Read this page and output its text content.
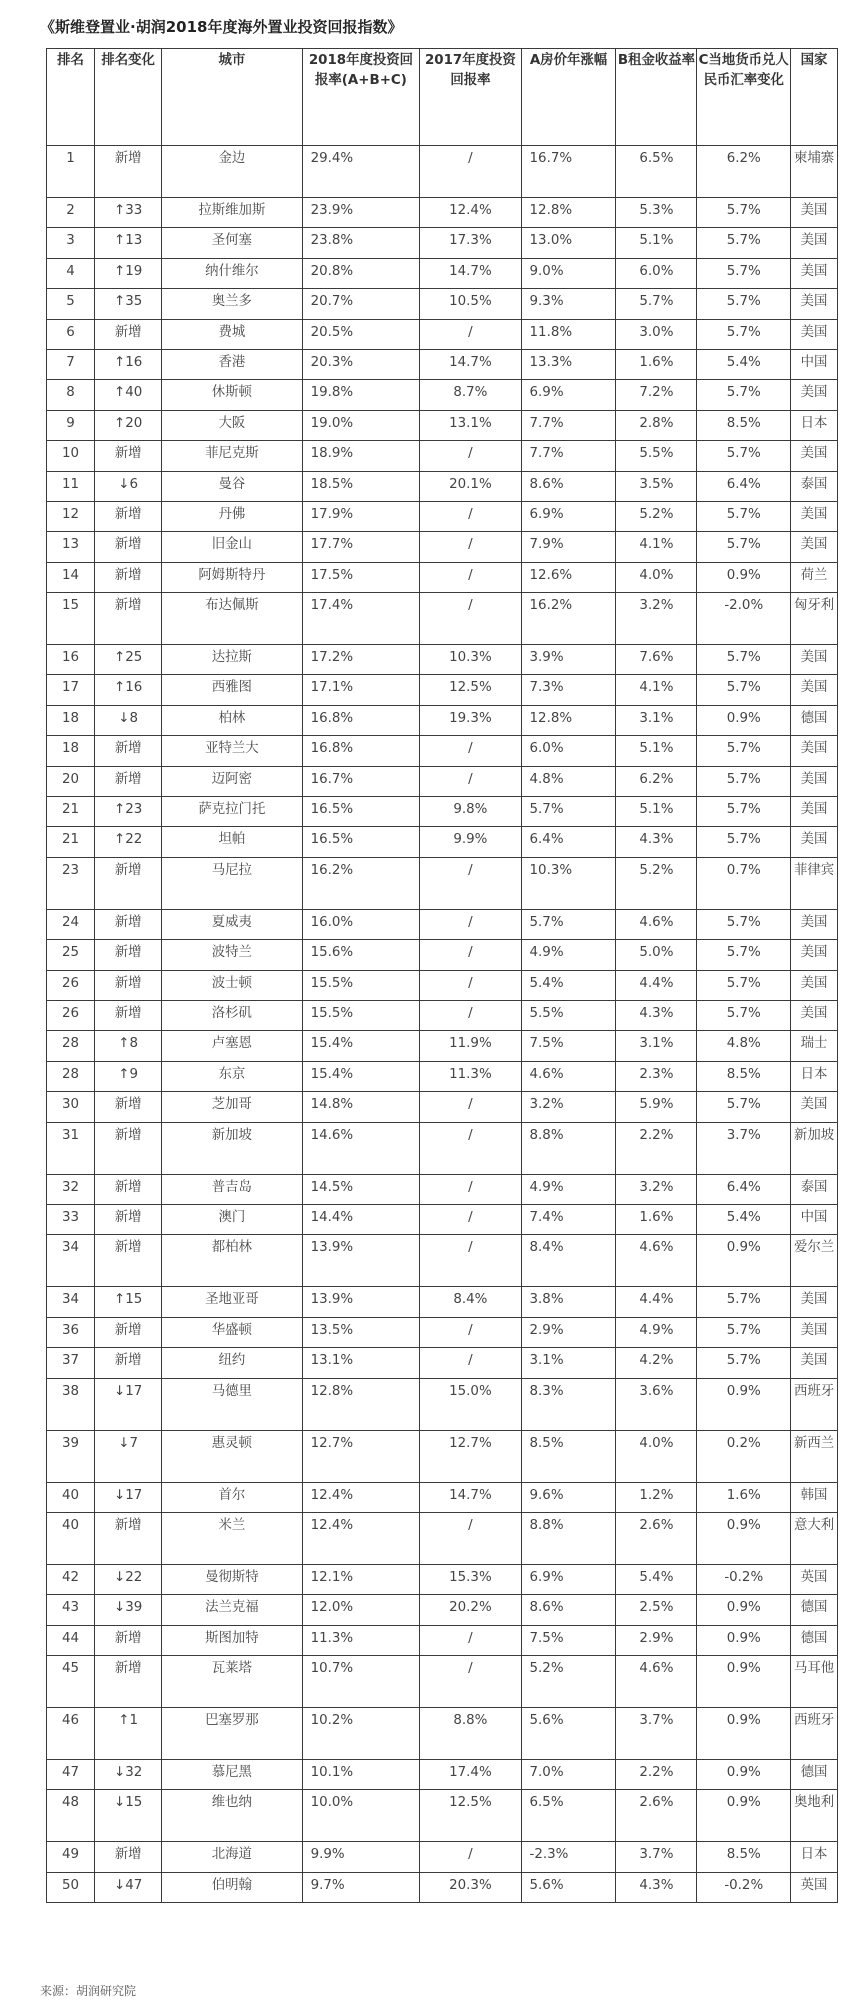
《斯维登置业·胡润2018年度海外置业投资回报指数》
排名	排名变化	城市	2018年度投资回报率(A+B+C)	2017年度投资回报率	A房价年涨幅	B租金收益率	C当地货币兑人民币汇率变化	国家
1	新增	金边	29.4%	/	16.7%	6.5%	6.2%	柬埔寨
2	↑33	拉斯维加斯	23.9%	12.4%	12.8%	5.3%	5.7%	美国
3	↑13	圣何塞	23.8%	17.3%	13.0%	5.1%	5.7%	美国
4	↑19	纳什维尔	20.8%	14.7%	9.0%	6.0%	5.7%	美国
5	↑35	奥兰多	20.7%	10.5%	9.3%	5.7%	5.7%	美国
6	新增	费城	20.5%	/	11.8%	3.0%	5.7%	美国
7	↑16	香港	20.3%	14.7%	13.3%	1.6%	5.4%	中国
8	↑40	休斯顿	19.8%	8.7%	6.9%	7.2%	5.7%	美国
9	↑20	大阪	19.0%	13.1%	7.7%	2.8%	8.5%	日本
10	新增	菲尼克斯	18.9%	/	7.7%	5.5%	5.7%	美国
11	↓6	曼谷	18.5%	20.1%	8.6%	3.5%	6.4%	泰国
12	新增	丹佛	17.9%	/	6.9%	5.2%	5.7%	美国
13	新增	旧金山	17.7%	/	7.9%	4.1%	5.7%	美国
14	新增	阿姆斯特丹	17.5%	/	12.6%	4.0%	0.9%	荷兰
15	新增	布达佩斯	17.4%	/	16.2%	3.2%	-2.0%	匈牙利
16	↑25	达拉斯	17.2%	10.3%	3.9%	7.6%	5.7%	美国
17	↑16	西雅图	17.1%	12.5%	7.3%	4.1%	5.7%	美国
18	↓8	柏林	16.8%	19.3%	12.8%	3.1%	0.9%	德国
18	新增	亚特兰大	16.8%	/	6.0%	5.1%	5.7%	美国
20	新增	迈阿密	16.7%	/	4.8%	6.2%	5.7%	美国
21	↑23	萨克拉门托	16.5%	9.8%	5.7%	5.1%	5.7%	美国
21	↑22	坦帕	16.5%	9.9%	6.4%	4.3%	5.7%	美国
23	新增	马尼拉	16.2%	/	10.3%	5.2%	0.7%	菲律宾
24	新增	夏威夷	16.0%	/	5.7%	4.6%	5.7%	美国
25	新增	波特兰	15.6%	/	4.9%	5.0%	5.7%	美国
26	新增	波士顿	15.5%	/	5.4%	4.4%	5.7%	美国
26	新增	洛杉矶	15.5%	/	5.5%	4.3%	5.7%	美国
28	↑8	卢塞恩	15.4%	11.9%	7.5%	3.1%	4.8%	瑞士
28	↑9	东京	15.4%	11.3%	4.6%	2.3%	8.5%	日本
30	新增	芝加哥	14.8%	/	3.2%	5.9%	5.7%	美国
31	新增	新加坡	14.6%	/	8.8%	2.2%	3.7%	新加坡
32	新增	普吉岛	14.5%	/	4.9%	3.2%	6.4%	泰国
33	新增	澳门	14.4%	/	7.4%	1.6%	5.4%	中国
34	新增	都柏林	13.9%	/	8.4%	4.6%	0.9%	爱尔兰
34	↑15	圣地亚哥	13.9%	8.4%	3.8%	4.4%	5.7%	美国
36	新增	华盛顿	13.5%	/	2.9%	4.9%	5.7%	美国
37	新增	纽约	13.1%	/	3.1%	4.2%	5.7%	美国
38	↓17	马德里	12.8%	15.0%	8.3%	3.6%	0.9%	西班牙
39	↓7	惠灵顿	12.7%	12.7%	8.5%	4.0%	0.2%	新西兰
40	↓17	首尔	12.4%	14.7%	9.6%	1.2%	1.6%	韩国
40	新增	米兰	12.4%	/	8.8%	2.6%	0.9%	意大利
42	↓22	曼彻斯特	12.1%	15.3%	6.9%	5.4%	-0.2%	英国
43	↓39	法兰克福	12.0%	20.2%	8.6%	2.5%	0.9%	德国
44	新增	斯图加特	11.3%	/	7.5%	2.9%	0.9%	德国
45	新增	瓦莱塔	10.7%	/	5.2%	4.6%	0.9%	马耳他
46	↑1	巴塞罗那	10.2%	8.8%	5.6%	3.7%	0.9%	西班牙
47	↓32	慕尼黑	10.1%	17.4%	7.0%	2.2%	0.9%	德国
48	↓15	维也纳	10.0%	12.5%	6.5%	2.6%	0.9%	奥地利
49	新增	北海道	9.9%	/	-2.3%	3.7%	8.5%	日本
50	↓47	伯明翰	9.7%	20.3%	5.6%	4.3%	-0.2%	英国
来源：胡润研究院
